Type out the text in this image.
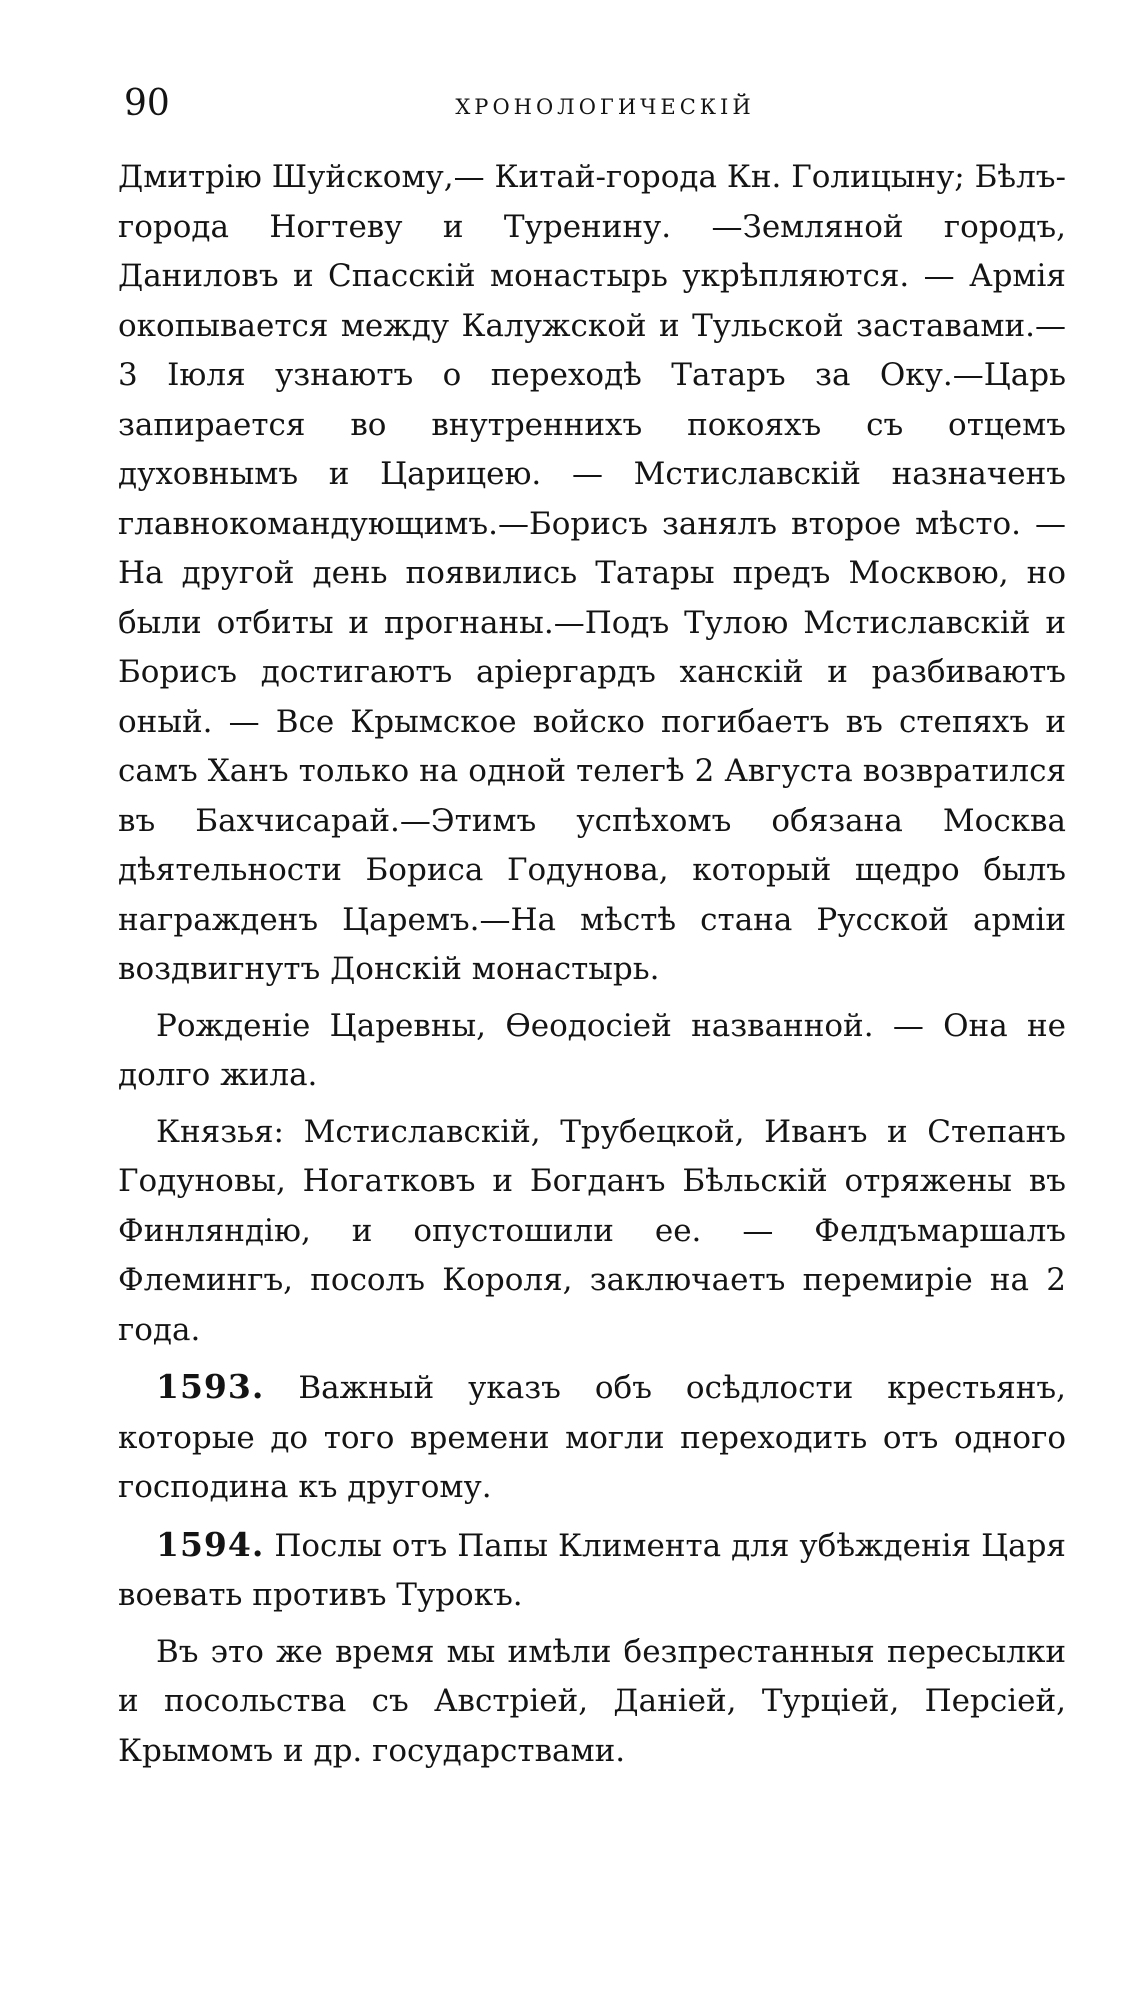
90	ХРОНОЛОГИЧЕСКІЙ

Дмитрію Шуйскому,— Китай-города Кн. Голицыну; Бѣлъ-города Ногтеву и Туренину. —Земляной городъ, Даниловъ и Спасскій монастырь укрѣпляются. — Армія окопывается между Калужской и Тульской заставами.— 3 Іюля узнаютъ о переходѣ Татаръ за Оку.—Царь запирается во внутреннихъ покояхъ съ отцемъ духовнымъ и Царицею. — Мстиславскій назначенъ главнокомандующимъ.—Борисъ занялъ второе мѣсто. — На другой день появились Татары предъ Москвою, но были отбиты и прогнаны.—Подъ Тулою Мстиславскій и Борисъ достигаютъ аріергардъ ханскій и разбиваютъ оный. — Все Крымское войско погибаетъ въ степяхъ и самъ Ханъ только на одной телегѣ 2 Августа возвратился въ Бахчисарай.—Этимъ успѣхомъ обязана Москва дѣятельности Бориса Годунова, который щедро былъ награжденъ Царемъ.—На мѣстѣ стана Русской арміи воздвигнутъ Донскій монастырь.

Рожденіе Царевны, Ѳеодосіей названной. — Она не долго жила.

Князья: Мстиславскій, Трубецкой, Иванъ и Степанъ Годуновы, Ногатковъ и Богданъ Бѣльскій отряжены въ Финляндію, и опустошили ее. — Фелдъмаршалъ Флемингъ, посолъ Короля, заключаетъ перемиріе на 2 года.

1593. Важный указъ объ осѣдлости крестьянъ, которые до того времени могли переходить отъ одного господина къ другому.

1594. Послы отъ Папы Климента для убѣжденія Царя воевать противъ Турокъ.

Въ это же время мы имѣли безпрестанныя пересылки и посольства съ Австріей, Даніей, Турціей, Персіей, Крымомъ и др. государствами.
